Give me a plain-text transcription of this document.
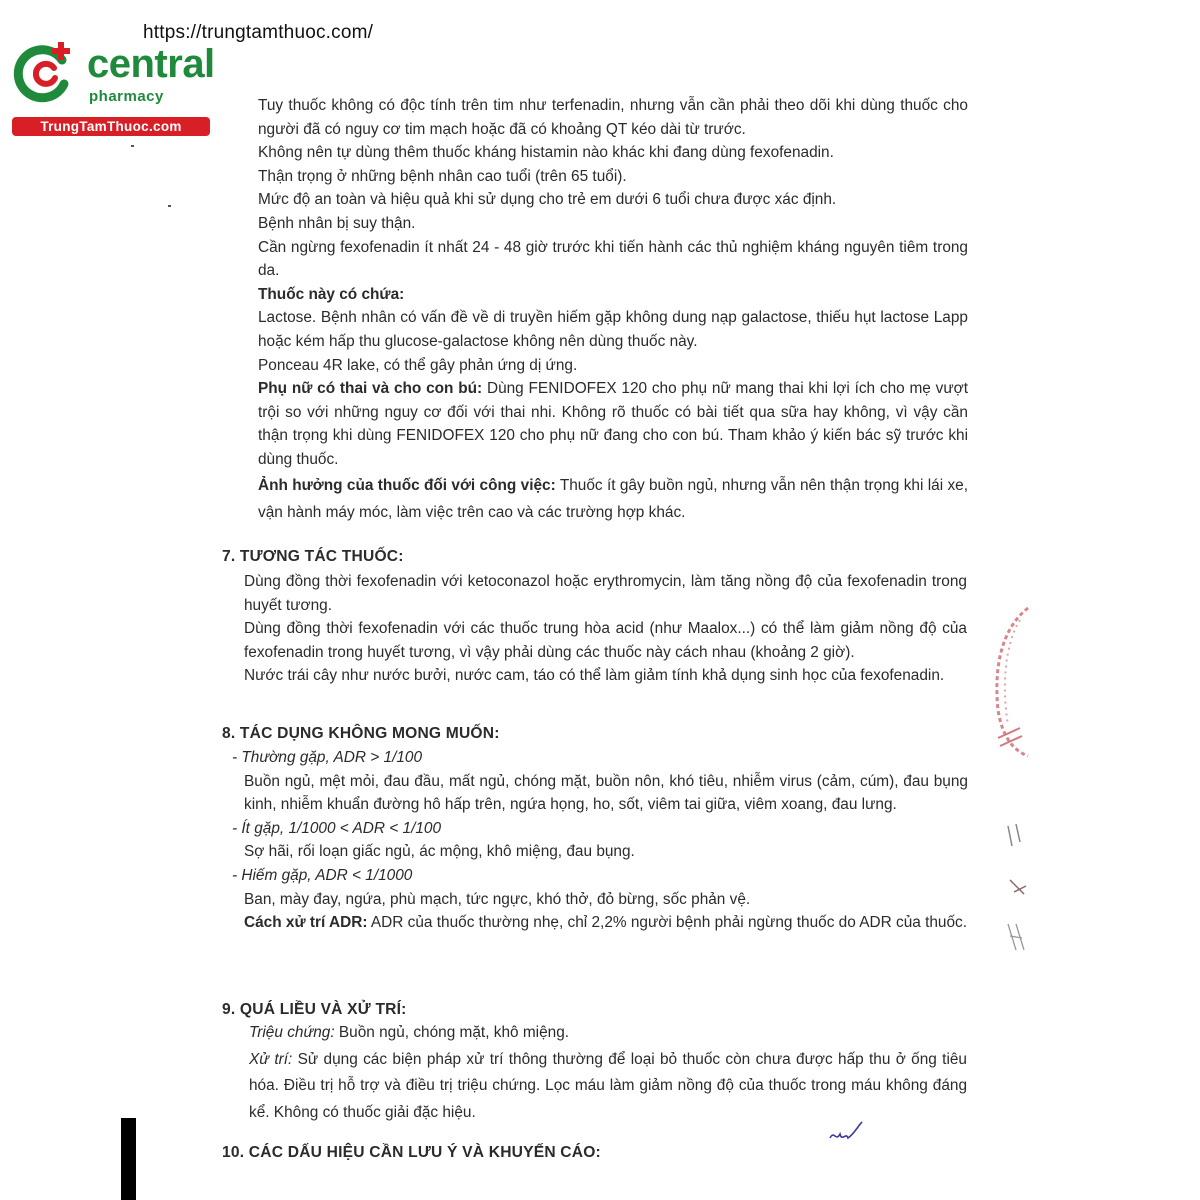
https://trungtamthuoc.com/
central
pharmacy
TrungTamThuoc.com
Tuy thuốc không có độc tính trên tim như terfenadin, nhưng vẫn cần phải theo dõi khi dùng thuốc cho người đã có nguy cơ tim mạch hoặc đã có khoảng QT kéo dài từ trước.
Không nên tự dùng thêm thuốc kháng histamin nào khác khi đang dùng fexofenadin.
Thận trọng ở những bệnh nhân cao tuổi (trên 65 tuổi).
Mức độ an toàn và hiệu quả khi sử dụng cho trẻ em dưới 6 tuổi chưa được xác định.
Bệnh nhân bị suy thận.
Cần ngừng fexofenadin ít nhất 24 - 48 giờ trước khi tiến hành các thủ nghiệm kháng nguyên tiêm trong da.
Thuốc này có chứa:
Lactose. Bệnh nhân có vấn đề về di truyền hiếm gặp không dung nạp galactose, thiếu hụt lactose Lapp hoặc kém hấp thu glucose-galactose không nên dùng thuốc này.
Ponceau 4R lake, có thể gây phản ứng dị ứng.
Phụ nữ có thai và cho con bú: Dùng FENIDOFEX 120 cho phụ nữ mang thai khi lợi ích cho mẹ vượt trội so với những nguy cơ đối với thai nhi. Không rõ thuốc có bài tiết qua sữa hay không, vì vậy cần thận trọng khi dùng FENIDOFEX 120 cho phụ nữ đang cho con bú. Tham khảo ý kiến bác sỹ trước khi dùng thuốc.
Ảnh hưởng của thuốc đối với công việc: Thuốc ít gây buồn ngủ, nhưng vẫn nên thận trọng khi lái xe, vận hành máy móc, làm việc trên cao và các trường hợp khác.

7. TƯƠNG TÁC THUỐC:

Dùng đồng thời fexofenadin với ketoconazol hoặc erythromycin, làm tăng nồng độ của fexofenadin trong huyết tương.
Dùng đồng thời fexofenadin với các thuốc trung hòa acid (như Maalox...) có thể làm giảm nồng độ của fexofenadin trong huyết tương, vì vậy phải dùng các thuốc này cách nhau (khoảng 2 giờ).
Nước trái cây như nước bưởi, nước cam, táo có thể làm giảm tính khả dụng sinh học của fexofenadin.

8. TÁC DỤNG KHÔNG MONG MUỐN:

- Thường gặp, ADR > 1/100
Buồn ngủ, mệt mỏi, đau đầu, mất ngủ, chóng mặt, buồn nôn, khó tiêu, nhiễm virus (cảm, cúm), đau bụng kinh, nhiễm khuẩn đường hô hấp trên, ngứa họng, ho, sốt, viêm tai giữa, viêm xoang, đau lưng.
- Ít gặp, 1/1000 < ADR < 1/100
Sợ hãi, rối loạn giấc ngủ, ác mộng, khô miệng, đau bụng.
- Hiếm gặp, ADR < 1/1000
Ban, mày đay, ngứa, phù mạch, tức ngực, khó thở, đỏ bừng, sốc phản vệ.
Cách xử trí ADR: ADR của thuốc thường nhẹ, chỉ 2,2% người bệnh phải ngừng thuốc do ADR của thuốc.

9. QUÁ LIỀU VÀ XỬ TRÍ:

Triệu chứng: Buồn ngủ, chóng mặt, khô miệng.
Xử trí: Sử dụng các biện pháp xử trí thông thường để loại bỏ thuốc còn chưa được hấp thu ở ống tiêu hóa. Điều trị hỗ trợ và điều trị triệu chứng. Lọc máu làm giảm nồng độ của thuốc trong máu không đáng kể. Không có thuốc giải đặc hiệu.

10. CÁC DẤU HIỆU CẦN LƯU Ý VÀ KHUYẾN CÁO:
